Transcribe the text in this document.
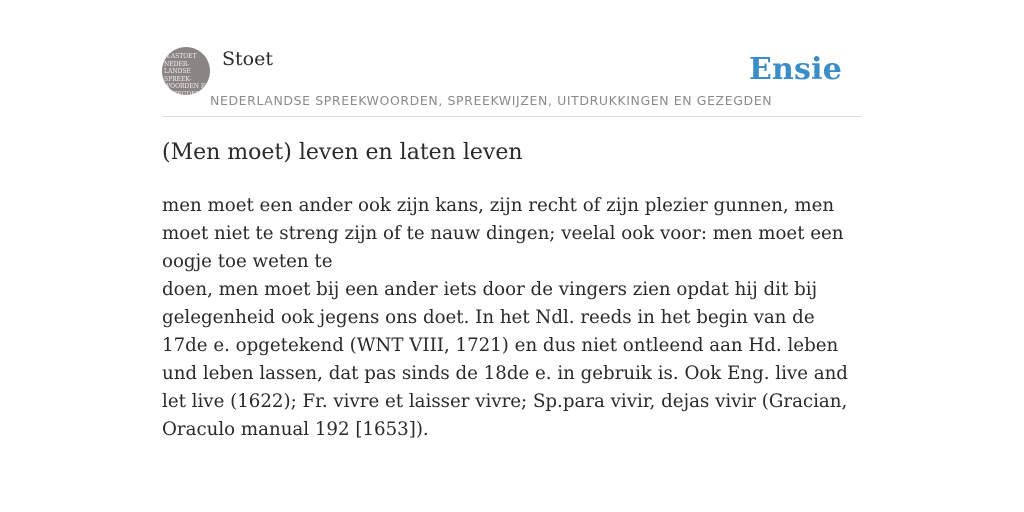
N.ASTOET
NEDER-
LANDSE
SPREEK-
WOORDEN EN
GEZEGDEN
Stoet
NEDERLANDSE SPREEKWOORDEN, SPREEKWIJZEN, UITDRUKKINGEN EN GEZEGDEN
Ensie
(Men moet) leven en laten leven
men moet een ander ook zijn kans, zijn recht of zijn plezier gunnen, men moet niet te streng zijn of te nauw dingen; veelal ook voor: men moet een oogje toe weten te
doen, men moet bij een ander iets door de vingers zien opdat hij dit bij gelegenheid ook jegens ons doet. In het Ndl. reeds in het begin van de 17de e. opgetekend (WNT VIII, 1721) en dus niet ontleend aan Hd. leben und leben lassen, dat pas sinds de 18de e. in gebruik is. Ook Eng. live and let live (1622); Fr. vivre et laisser vivre; Sp.para vivir, dejas vivir (Gracian, Oraculo manual 192 [1653]).
